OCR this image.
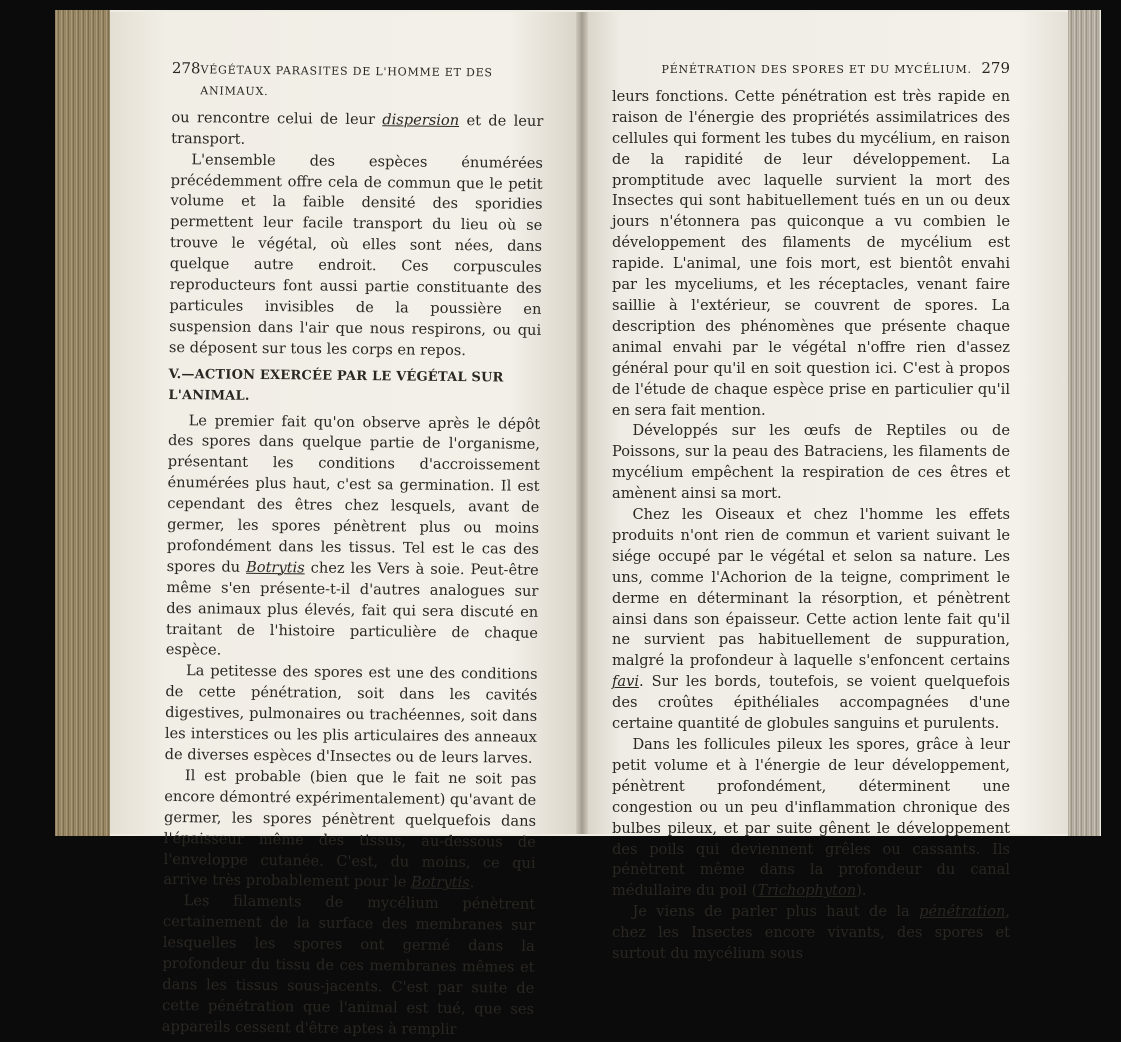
278 VÉGÉTAUX PARASITES DE L'HOMME ET DES ANIMAUX.

ou rencontre celui de leur dispersion et de leur transport.

L'ensemble des espèces énumérées précédemment offre cela de commun que le petit volume et la faible densité des sporidies permettent leur facile transport du lieu où se trouve le végétal, où elles sont nées, dans quelque autre endroit. Ces corpuscules reproducteurs font aussi partie constituante des particules invisibles de la poussière en suspension dans l'air que nous respirons, ou qui se déposent sur tous les corps en repos.

V.—ACTION EXERCÉE PAR LE VÉGÉTAL SUR L'ANIMAL.

Le premier fait qu'on observe après le dépôt des spores dans quelque partie de l'organisme, présentant les conditions d'accroissement énumérées plus haut, c'est sa germination. Il est cependant des êtres chez lesquels, avant de germer, les spores pénètrent plus ou moins profondément dans les tissus. Tel est le cas des spores du Botrytis chez les Vers à soie. Peut-être même s'en présente-t-il d'autres analogues sur des animaux plus élevés, fait qui sera discuté en traitant de l'histoire particulière de chaque espèce.

La petitesse des spores est une des conditions de cette pénétration, soit dans les cavités digestives, pulmonaires ou trachéennes, soit dans les interstices ou les plis articulaires des anneaux de diverses espèces d'Insectes ou de leurs larves.

Il est probable (bien que le fait ne soit pas encore démontré expérimentalement) qu'avant de germer, les spores pénètrent quelquefois dans l'épaisseur même des tissus, au-dessous de l'enveloppe cutanée. C'est, du moins, ce qui arrive très probablement pour le Botrytis.

Les filaments de mycélium pénètrent certainement de la surface des membranes sur lesquelles les spores ont germé dans la profondeur du tissu de ces membranes mêmes et dans les tissus sous-jacents. C'est par suite de cette pénétration que l'animal est tué, que ses appareils cessent d'être aptes à remplir

PÉNÉTRATION DES SPORES ET DU MYCÉLIUM. 279

leurs fonctions. Cette pénétration est très rapide en raison de l'énergie des propriétés assimilatrices des cellules qui forment les tubes du mycélium, en raison de la rapidité de leur développement. La promptitude avec laquelle survient la mort des Insectes qui sont habituellement tués en un ou deux jours n'étonnera pas quiconque a vu combien le développement des filaments de mycélium est rapide. L'animal, une fois mort, est bientôt envahi par les myceliums, et les réceptacles, venant faire saillie à l'extérieur, se couvrent de spores. La description des phénomènes que présente chaque animal envahi par le végétal n'offre rien d'assez général pour qu'il en soit question ici. C'est à propos de l'étude de chaque espèce prise en particulier qu'il en sera fait mention.

Développés sur les œufs de Reptiles ou de Poissons, sur la peau des Batraciens, les filaments de mycélium empêchent la respiration de ces êtres et amènent ainsi sa mort.

Chez les Oiseaux et chez l'homme les effets produits n'ont rien de commun et varient suivant le siége occupé par le végétal et selon sa nature. Les uns, comme l'Achorion de la teigne, compriment le derme en déterminant la résorption, et pénètrent ainsi dans son épaisseur. Cette action lente fait qu'il ne survient pas habituellement de suppuration, malgré la profondeur à laquelle s'enfoncent certains favi. Sur les bords, toutefois, se voient quelquefois des croûtes épithéliales accompagnées d'une certaine quantité de globules sanguins et purulents.

Dans les follicules pileux les spores, grâce à leur petit volume et à l'énergie de leur développement, pénètrent profondément, déterminent une congestion ou un peu d'inflammation chronique des bulbes pileux, et par suite gênent le développement des poils qui deviennent grêles ou cassants. Ils pénètrent même dans la profondeur du canal médullaire du poil (Trichophyton).

Je viens de parler plus haut de la pénétration, chez les Insectes encore vivants, des spores et surtout du mycélium sous
